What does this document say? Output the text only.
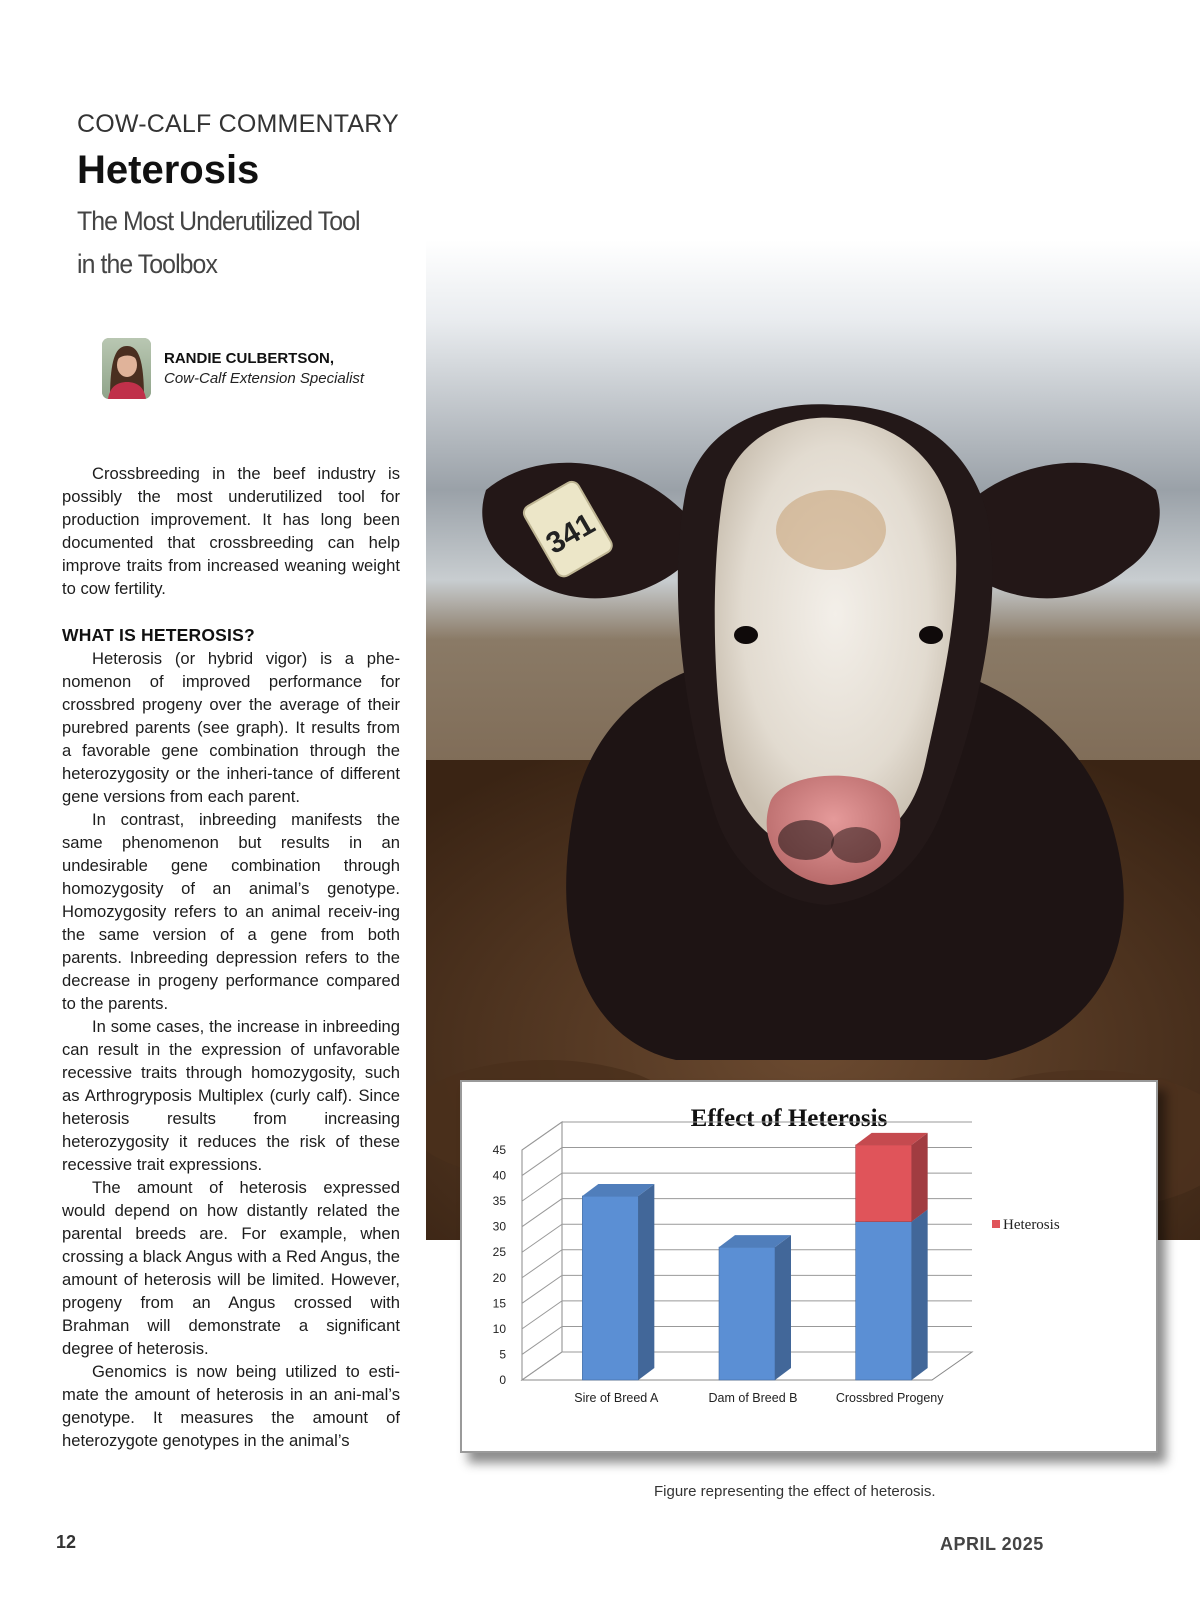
COW-CALF COMMENTARY
Heterosis
The Most Underutilized Tool
in the Toolbox
RANDIE CULBERTSON,
Cow-Calf Extension Specialist

Crossbreeding in the beef industry is possibly the most underutilized tool for production improvement. It has long been documented that crossbreeding can help improve traits from increased weaning weight to cow fertility.

WHAT IS HETEROSIS?

Heterosis (or hybrid vigor) is a phe-nomenon of improved performance for crossbred progeny over the average of their purebred parents (see graph). It results from a favorable gene combination through the heterozygosity or the inheri-tance of different gene versions from each parent.

In contrast, inbreeding manifests the same phenomenon but results in an undesirable gene combination through homozygosity of an animal’s genotype. Homozygosity refers to an animal receiv-ing the same version of a gene from both parents. Inbreeding depression refers to the decrease in progeny performance compared to the parents.

In some cases, the increase in inbreeding can result in the expression of unfavorable recessive traits through homozygosity, such as Arthrogryposis Multiplex (curly calf). Since heterosis results from increasing heterozygosity it reduces the risk of these recessive trait expressions.

The amount of heterosis expressed would depend on how distantly related the parental breeds are. For example, when crossing a black Angus with a Red Angus, the amount of heterosis will be limited. However, progeny from an Angus crossed with Brahman will demonstrate a significant degree of heterosis.

Genomics is now being utilized to esti-mate the amount of heterosis in an ani-mal’s genotype. It measures the amount of heterozygote genotypes in the animal’s

341
Effect of Heterosis
0
5
10
15
20
25
30
35
40
45
Sire of Breed A	Dam of Breed B	Crossbred Progeny
Heterosis
Figure representing the effect of heterosis.
12	APRIL 2025
